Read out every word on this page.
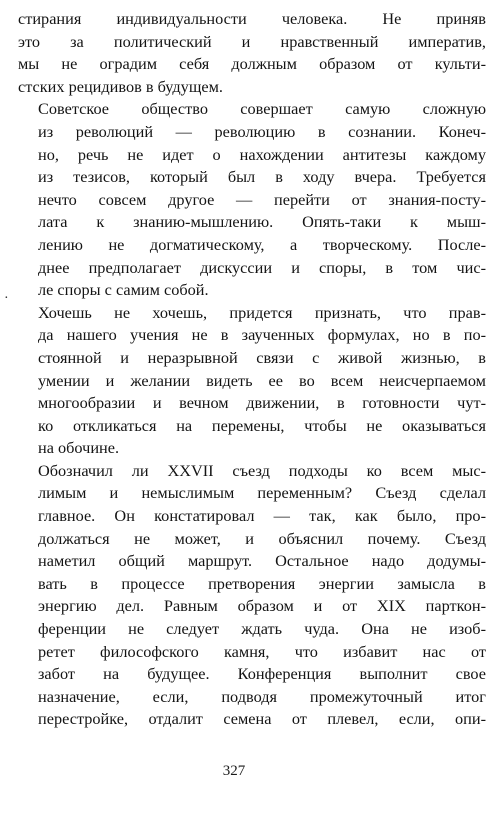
·

стирания индивидуальности человека. Не приняв
это за политический и нравственный императив,
мы не оградим себя должным образом от культи-
стских рецидивов в будущем.

Советское общество совершает самую сложную
из революций — революцию в сознании. Конеч-
но, речь не идет о нахождении антитезы каждому
из тезисов, который был в ходу вчера. Требуется
нечто совсем другое — перейти от знания-посту-
лата к знанию-мышлению. Опять-таки к мыш-
лению не догматическому, а творческому. После-
днее предполагает дискуссии и споры, в том чис-
ле споры с самим собой.

Хочешь не хочешь, придется признать, что прав-
да нашего учения не в заученных формулах, но в по-
стоянной и неразрывной связи с живой жизнью, в
умении и желании видеть ее во всем неисчерпаемом
многообразии и вечном движении, в готовности чут-
ко откликаться на перемены, чтобы не оказываться
на обочине.

Обозначил ли XXVII съезд подходы ко всем мыс-
лимым и немыслимым переменным? Съезд сделал
главное. Он констатировал — так, как было, про-
должаться не может, и объяснил почему. Съезд
наметил общий маршрут. Остальное надо додумы-
вать в процессе претворения энергии замысла в
энергию дел. Равным образом и от XIX парткон-
ференции не следует ждать чуда. Она не изоб-
ретет философского камня, что избавит нас от
забот на будущее. Конференция выполнит свое
назначение, если, подводя промежуточный итог
перестройке, отдалит семена от плевел, если, опи-

327
